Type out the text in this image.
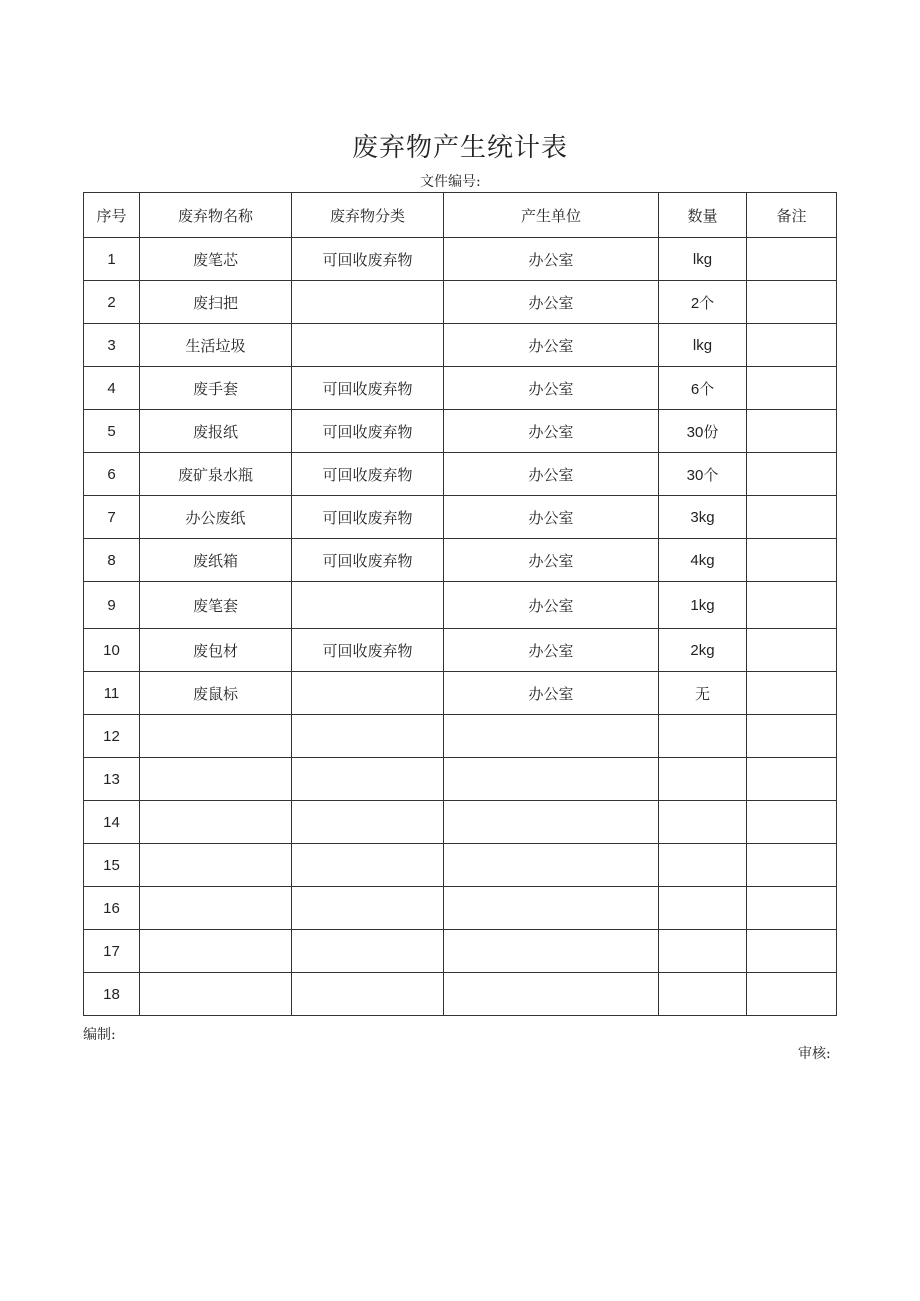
废弃物产生统计表
文件编号:
序号	废弃物名称	废弃物分类	产生单位	数量	备注
1	废笔芯	可回收废弃物	办公室	lkg	
2	废扫把		办公室	2个	
3	生活垃圾		办公室	lkg	
4	废手套	可回收废弃物	办公室	6个	
5	废报纸	可回收废弃物	办公室	30份	
6	废矿泉水瓶	可回收废弃物	办公室	30个	
7	办公废纸	可回收废弃物	办公室	3kg	
8	废纸箱	可回收废弃物	办公室	4kg	
9	废笔套		办公室	1kg	
10	废包材	可回收废弃物	办公室	2kg	
11	废鼠标		办公室	无	
12					
13					
14					
15					
16					
17					
18					
编制:
审核:
